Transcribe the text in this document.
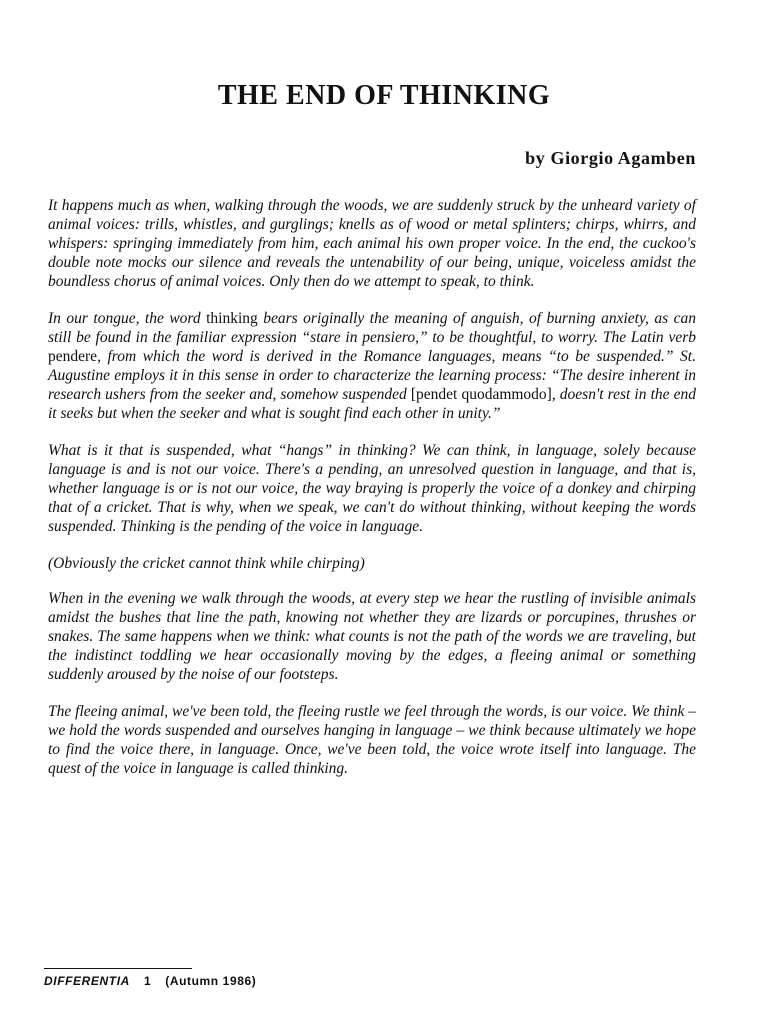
THE END OF THINKING
by Giorgio Agamben

It happens much as when, walking through the woods, we are suddenly struck by the unheard variety of animal voices: trills, whistles, and gurglings; knells as of wood or metal splinters; chirps, whirrs, and whispers: springing immediately from him, each animal his own proper voice. In the end, the cuckoo's double note mocks our silence and reveals the untenability of our being, unique, voiceless amidst the boundless chorus of animal voices. Only then do we attempt to speak, to think.

In our tongue, the word thinking bears originally the meaning of anguish, of burning anxiety, as can still be found in the familiar expression “stare in pensiero,” to be thoughtful, to worry. The Latin verb pendere, from which the word is derived in the Romance languages, means “to be suspended.” St. Augustine employs it in this sense in order to characterize the learning process: “The desire inherent in research ushers from the seeker and, somehow suspended [pendet quodammodo], doesn't rest in the end it seeks but when the seeker and what is sought find each other in unity.”

What is it that is suspended, what “hangs” in thinking? We can think, in language, solely because language is and is not our voice. There's a pending, an unresolved question in language, and that is, whether language is or is not our voice, the way braying is properly the voice of a donkey and chirping that of a cricket. That is why, when we speak, we can't do without thinking, without keeping the words suspended. Thinking is the pending of the voice in language.

(Obviously the cricket cannot think while chirping)

When in the evening we walk through the woods, at every step we hear the rustling of invisible animals amidst the bushes that line the path, knowing not whether they are lizards or porcupines, thrushes or snakes. The same happens when we think: what counts is not the path of the words we are traveling, but the indistinct toddling we hear occasionally moving by the edges, a fleeing animal or something suddenly aroused by the noise of our footsteps.

The fleeing animal, we've been told, the fleeing rustle we feel through the words, is our voice. We think – we hold the words suspended and ourselves hanging in language – we think because ultimately we hope to find the voice there, in language. Once, we've been told, the voice wrote itself into language. The quest of the voice in language is called thinking.

DIFFERENTIA 1 (Autumn 1986)
